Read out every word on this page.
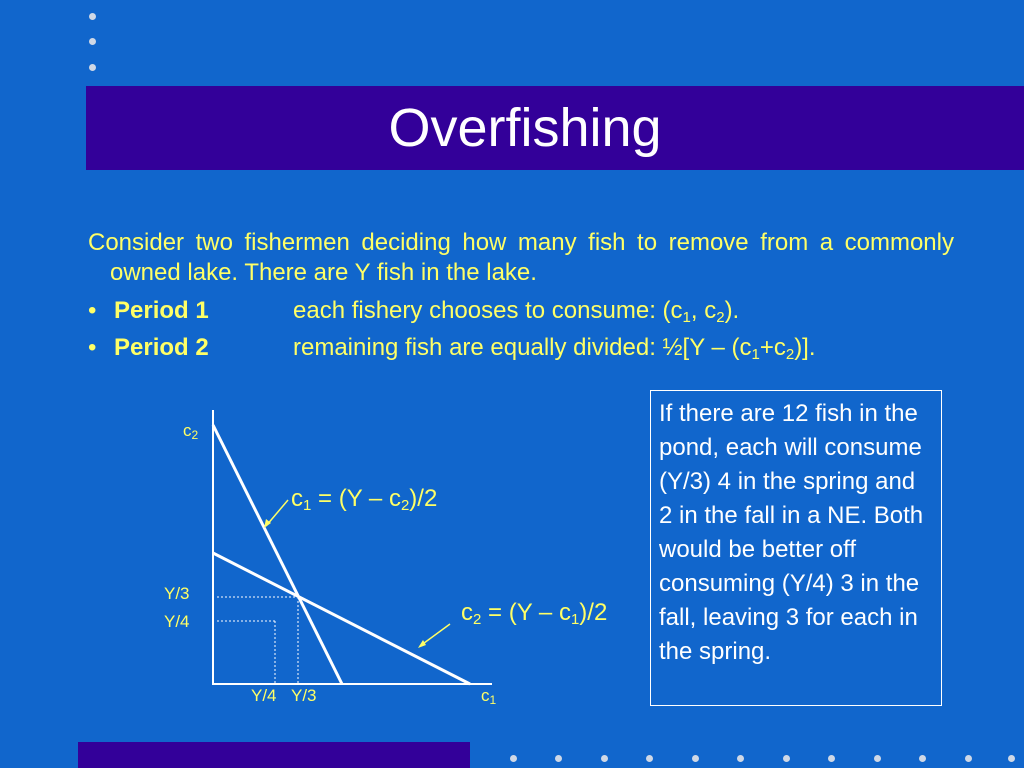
Overfishing
Consider two fishermen deciding how many fish to remove from a commonly owned lake. There are Y fish in the lake.
• Period 1	each fishery chooses to consume: ($c_1$, $c_2$).
• Period 2	remaining fish are equally divided: ½[Y – $(c_1+c_2)$].
$c_2$
$c_1$
Y/3
Y/4
Y/4 Y/3
$c_1 = (Y - c_2)/2$
$c_2 = (Y - c_1)/2$
If there are 12 fish in the pond, each will consume (Y/3) 4 in the spring and 2 in the fall in a NE. Both would be better off consuming (Y/4) 3 in the fall, leaving 3 for each in the spring.
